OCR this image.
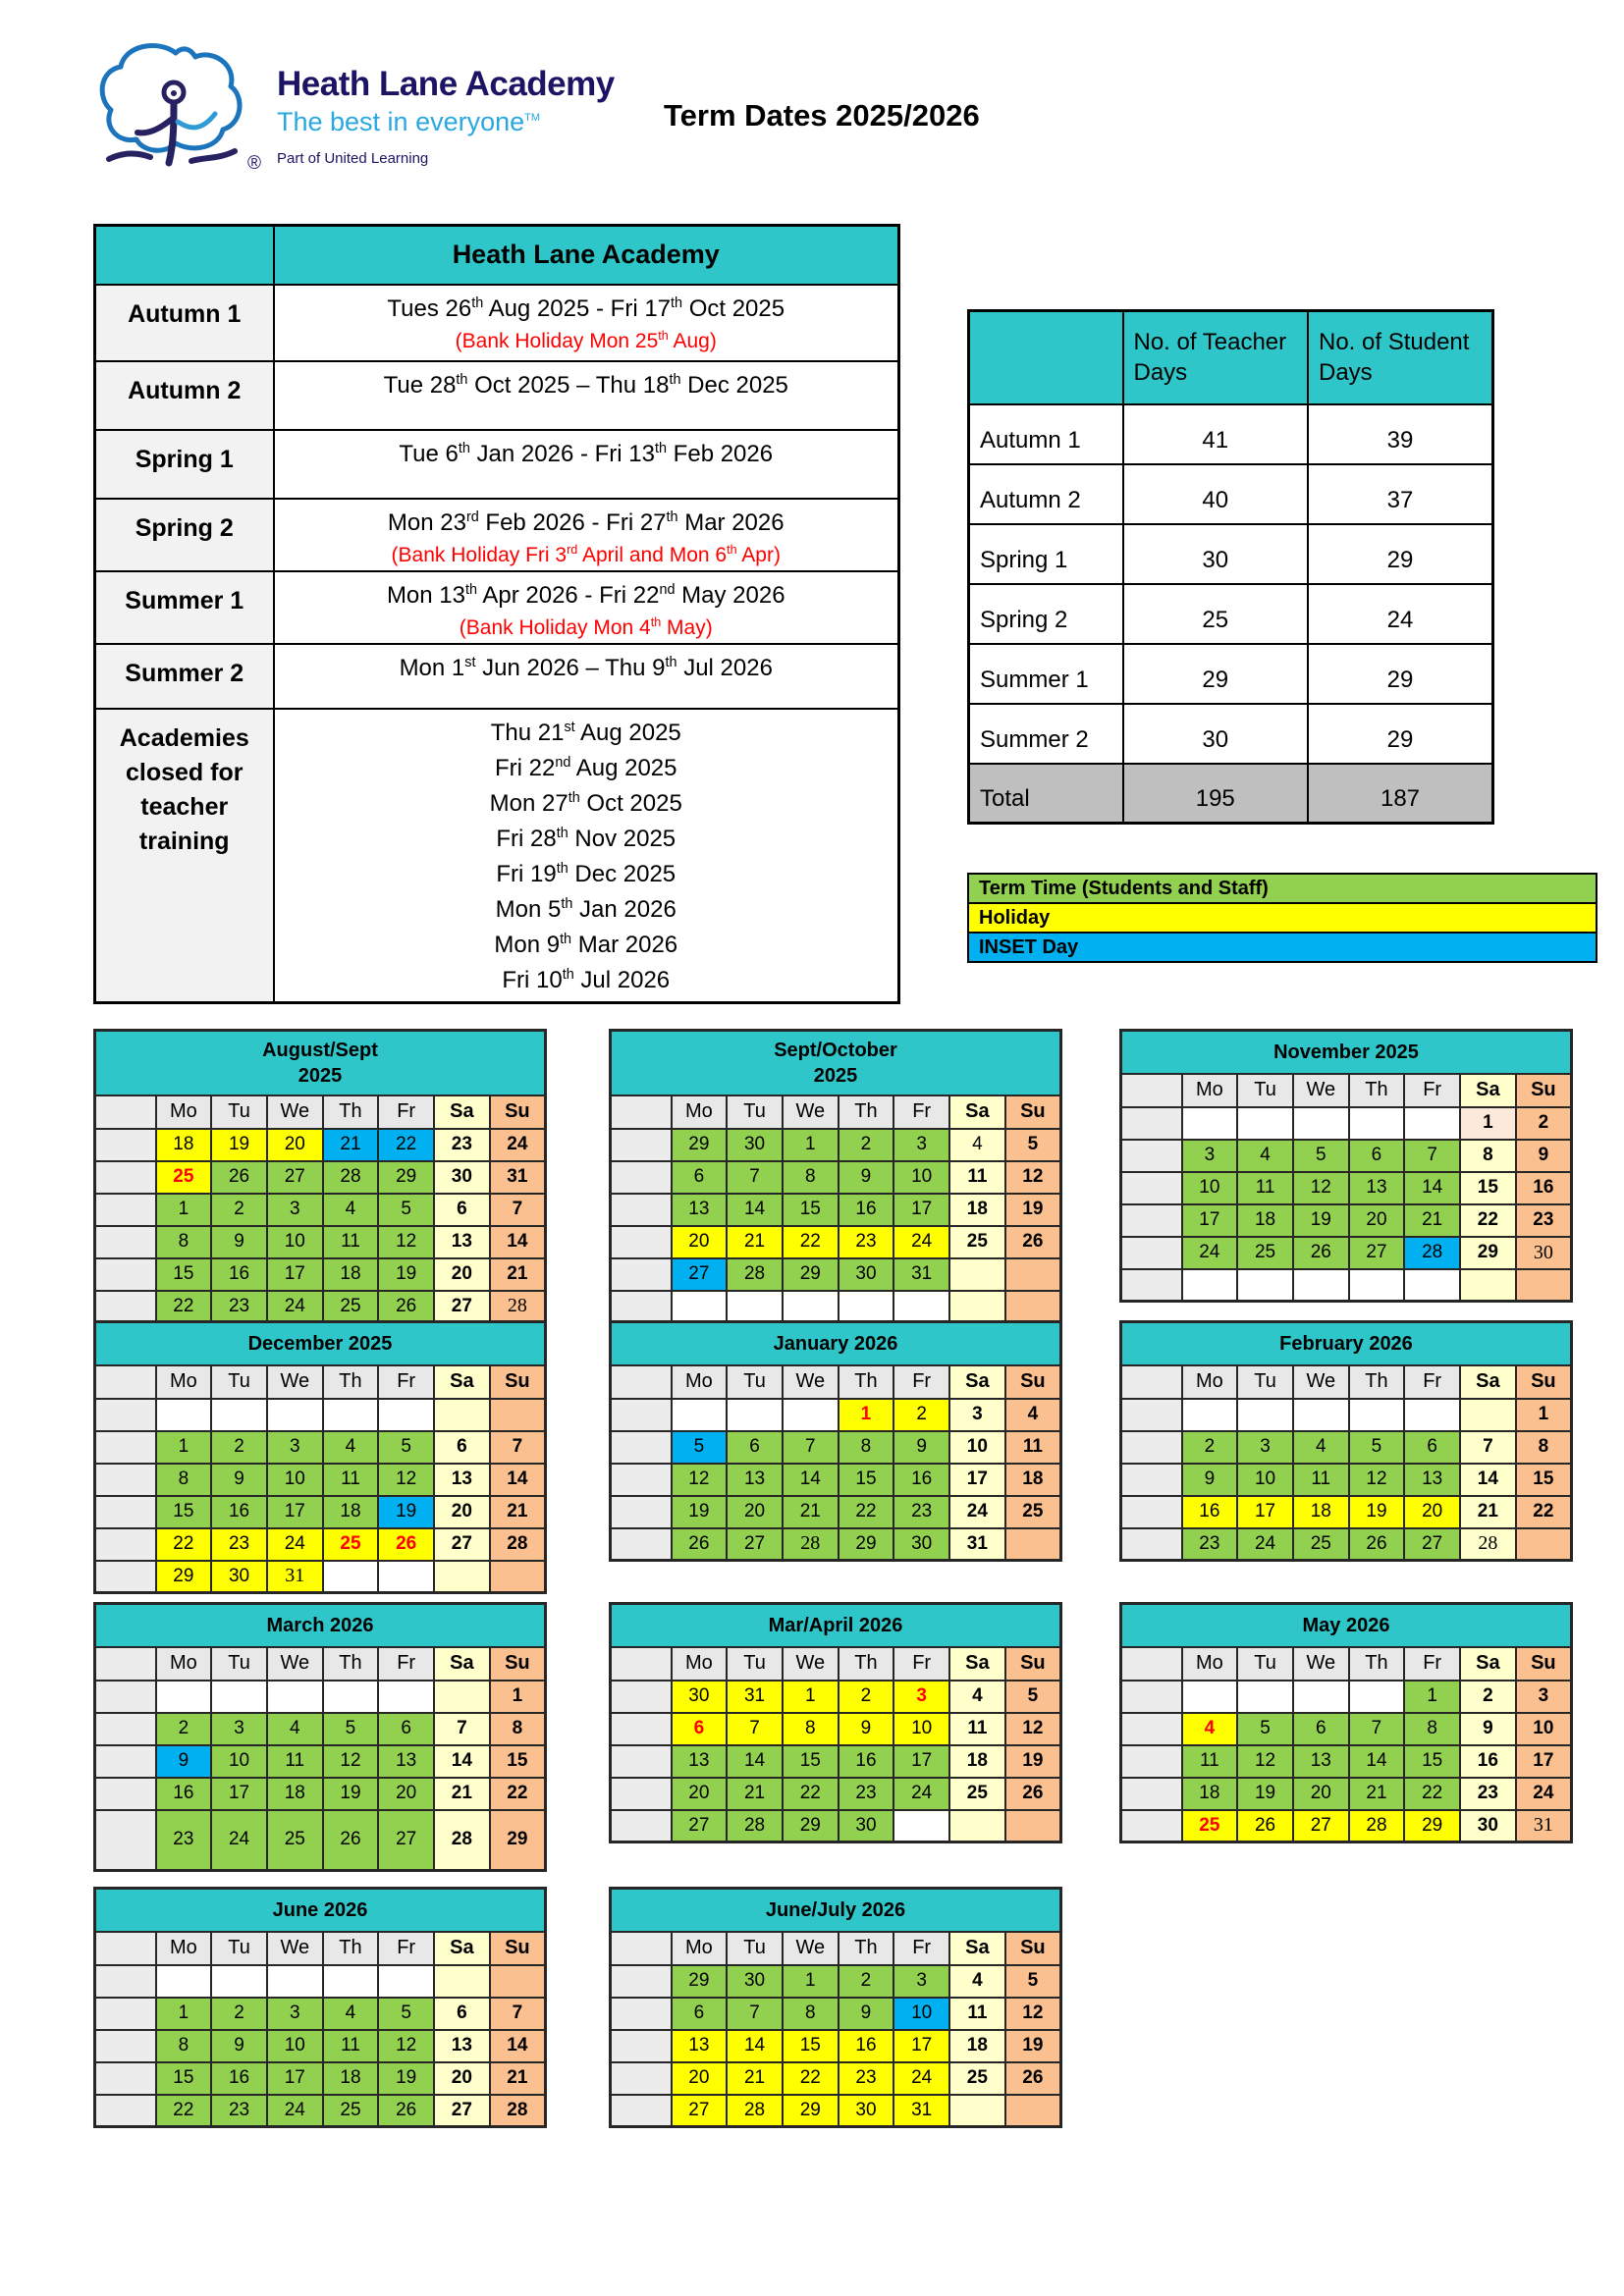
®
Heath Lane Academy
The best in everyone™
Part of United Learning
Term Dates 2025/2026
	Heath Lane Academy
Autumn 1	Tues 26th Aug 2025 - Fri 17th Oct 2025
(Bank Holiday Mon 25th Aug)

Autumn 2	Tue 28th Oct 2025 – Thu 18th Dec 2025

Spring 1	Tue 6th Jan 2026 - Fri 13th Feb 2026

Spring 2	Mon 23rd Feb 2026 - Fri 27th Mar 2026
(Bank Holiday Fri 3rd April and Mon 6th Apr)

Summer 1	Mon 13th Apr 2026 - Fri 22nd May 2026
(Bank Holiday Mon 4th May)

Summer 2	Mon 1st Jun 2026 – Thu 9th Jul 2026

Academies closed for teacher training	
Thu 21st Aug 2025
Fri 22nd Aug 2025
Mon 27th Oct 2025
Fri 28th Nov 2025
Fri 19th Dec 2025
Mon 5th Jan 2026
Mon 9th Mar 2026
Fri 10th Jul 2026
	No. of Teacher Days	No. of Student Days
Autumn 1	41	39
Autumn 2	40	37
Spring 1	30	29
Spring 2	25	24
Summer 1	29	29
Summer 2	30	29
Total	195	187
Term Time (Students and Staff)
Holiday
INSET Day
August/Sept
2025							
	Mo	Tu	We	Th	Fr	Sa	Su
	18	19	20	21	22	23	24
	25	26	27	28	29	30	31
	1	2	3	4	5	6	7
	8	9	10	11	12	13	14
	15	16	17	18	19	20	21
	22	23	24	25	26	27	28
Sept/October
2025							
	Mo	Tu	We	Th	Fr	Sa	Su
	29	30	1	2	3	4	5
	6	7	8	9	10	11	12
	13	14	15	16	17	18	19
	20	21	22	23	24	25	26
	27	28	29	30	31		

November 2025							
	Mo	Tu	We	Th	Fr	Sa	Su
						1	2
	3	4	5	6	7	8	9
	10	11	12	13	14	15	16
	17	18	19	20	21	22	23
	24	25	26	27	28	29	30

December 2025							
	Mo	Tu	We	Th	Fr	Sa	Su

	1	2	3	4	5	6	7
	8	9	10	11	12	13	14
	15	16	17	18	19	20	21
	22	23	24	25	26	27	28
	29	30	31				
January 2026							
	Mo	Tu	We	Th	Fr	Sa	Su
				1	2	3	4
	5	6	7	8	9	10	11
	12	13	14	15	16	17	18
	19	20	21	22	23	24	25
	26	27	28	29	30	31	
February 2026							
	Mo	Tu	We	Th	Fr	Sa	Su
							1
	2	3	4	5	6	7	8
	9	10	11	12	13	14	15
	16	17	18	19	20	21	22
	23	24	25	26	27	28	
March 2026							
	Mo	Tu	We	Th	Fr	Sa	Su
							1
	2	3	4	5	6	7	8
	9	10	11	12	13	14	15
	16	17	18	19	20	21	22
	23	24	25	26	27	28	29
Mar/April 2026							
	Mo	Tu	We	Th	Fr	Sa	Su
	30	31	1	2	3	4	5
	6	7	8	9	10	11	12
	13	14	15	16	17	18	19
	20	21	22	23	24	25	26
	27	28	29	30			
May 2026							
	Mo	Tu	We	Th	Fr	Sa	Su
					1	2	3
	4	5	6	7	8	9	10
	11	12	13	14	15	16	17
	18	19	20	21	22	23	24
	25	26	27	28	29	30	31
June 2026							
	Mo	Tu	We	Th	Fr	Sa	Su

	1	2	3	4	5	6	7
	8	9	10	11	12	13	14
	15	16	17	18	19	20	21
	22	23	24	25	26	27	28
June/July 2026							
	Mo	Tu	We	Th	Fr	Sa	Su
	29	30	1	2	3	4	5
	6	7	8	9	10	11	12
	13	14	15	16	17	18	19
	20	21	22	23	24	25	26
	27	28	29	30	31		
